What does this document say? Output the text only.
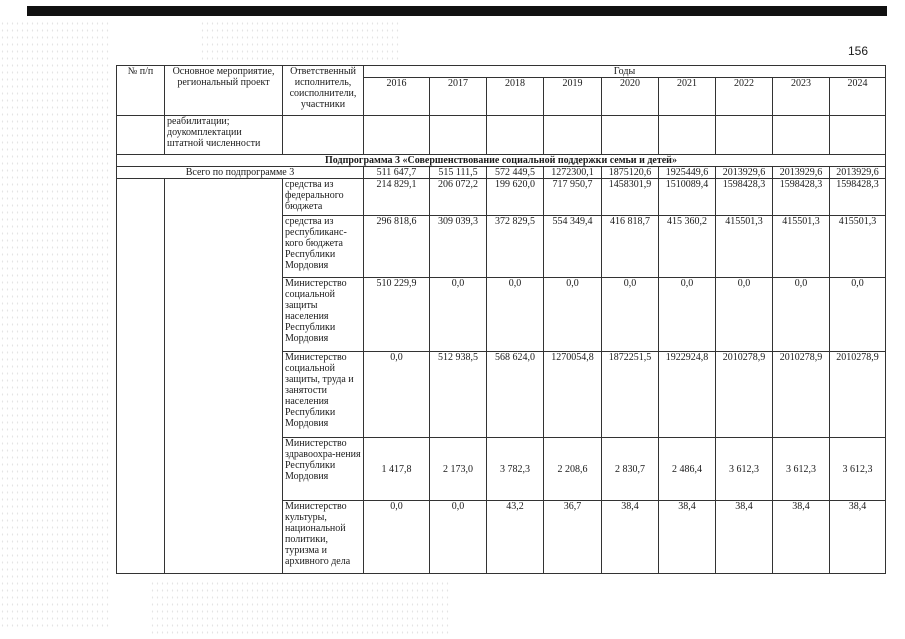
156
№ п/п	Основное мероприятие, региональный проект	Ответственный исполнитель, соисполнители, участники	Годы								
			2016	2017	2018	2019	2020	2021	2022	2023	2024
	реабилитации; доукомплектации штатной численности										
Подпрограмма 3 «Совершенствование социальной поддержки семьи и детей»											
Всего по подпрограмме 3			511 647,7	515 111,5	572 449,5	1272300,1	1875120,6	1925449,6	2013929,6	2013929,6	2013929,6
		средства из федерального бюджета	214 829,1	206 072,2	199 620,0	717 950,7	1458301,9	1510089,4	1598428,3	1598428,3	1598428,3
		средства из республиканс-кого бюджета Республики Мордовия	296 818,6	309 039,3	372 829,5	554 349,4	416 818,7	415 360,2	415501,3	415501,3	415501,3
		Министерство социальной защиты населения Республики Мордовия	510 229,9	0,0	0,0	0,0	0,0	0,0	0,0	0,0	0,0
		Министерство социальной защиты, труда и занятости населения Республики Мордовия	0,0	512 938,5	568 624,0	1270054,8	1872251,5	1922924,8	2010278,9	2010278,9	2010278,9
		Министерство здравоохра-нения Республики Мордовия	1 417,8	2 173,0	3 782,3	2 208,6	2 830,7	2 486,4	3 612,3	3 612,3	3 612,3
		Министерство культуры, национальной политики, туризма и архивного дела	0,0	0,0	43,2	36,7	38,4	38,4	38,4	38,4	38,4
